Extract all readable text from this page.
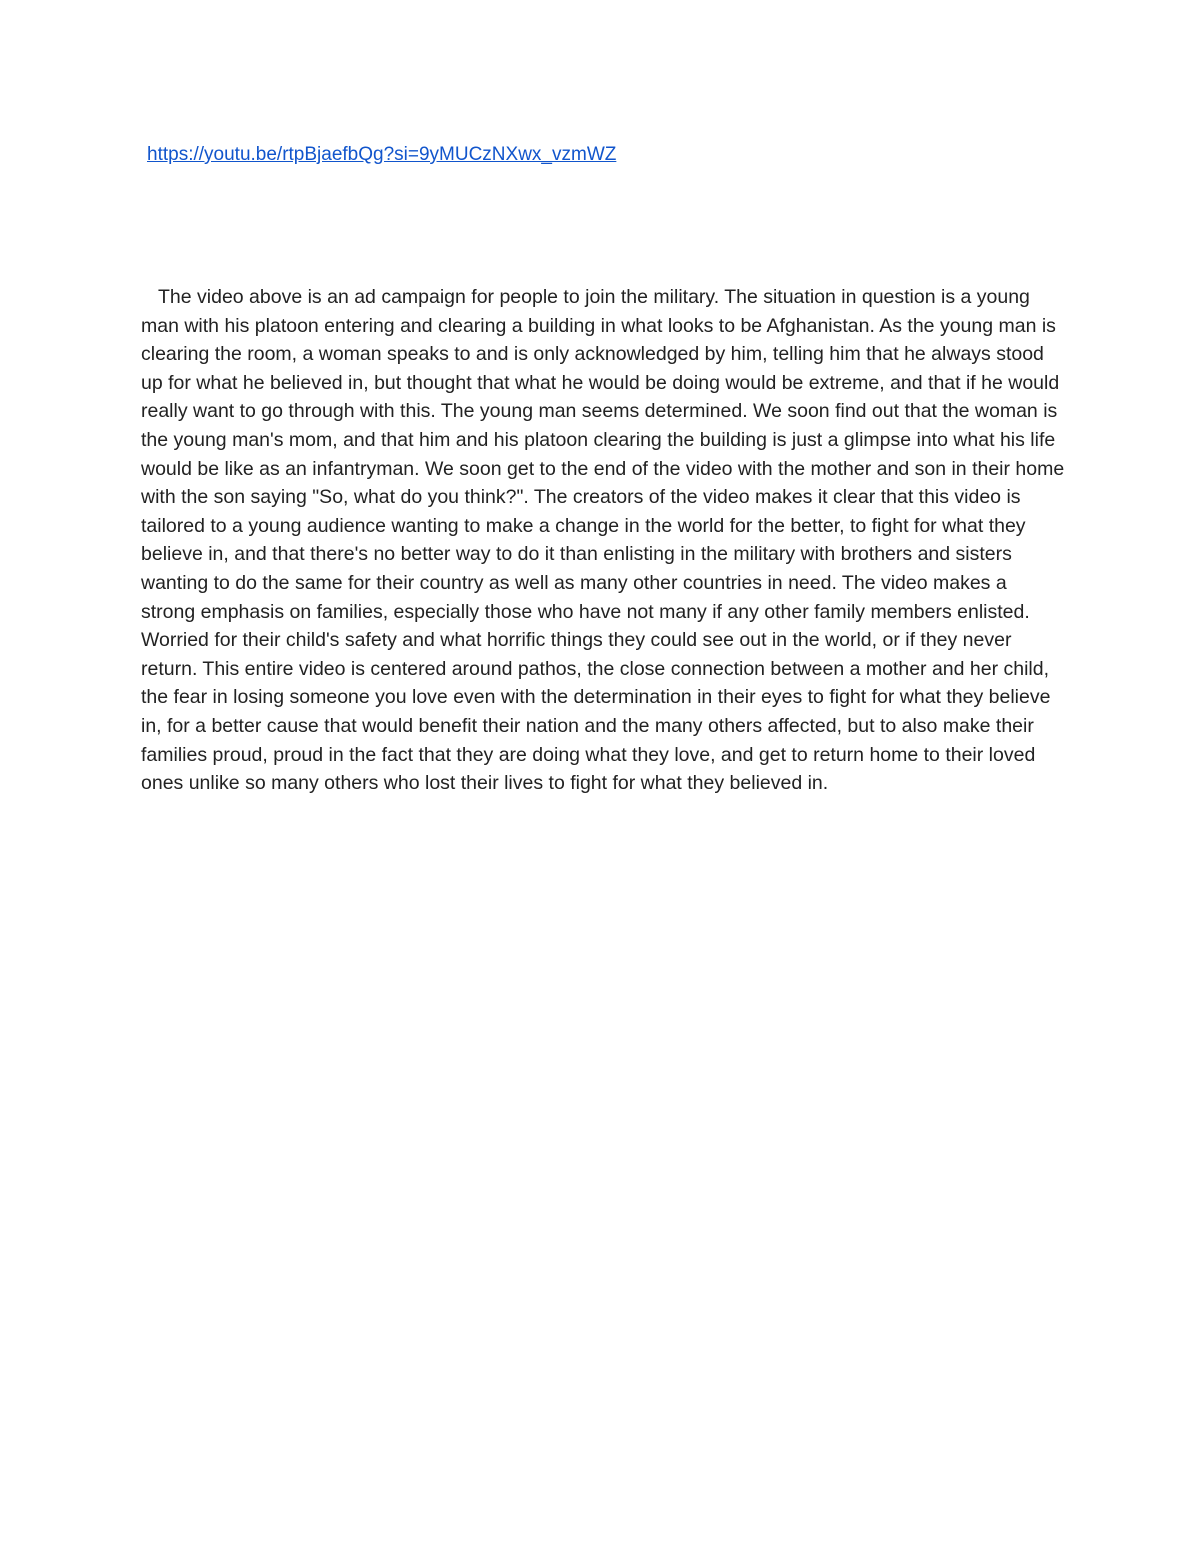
https://youtu.be/rtpBjaefbQg?si=9yMUCzNXwx_vzmWZ

The video above is an ad campaign for people to join the military. The situation in question is a young man with his platoon entering and clearing a building in what looks to be Afghanistan. As the young man is clearing the room, a woman speaks to and is only acknowledged by him, telling him that he always stood up for what he believed in, but thought that what he would be doing would be extreme, and that if he would really want to go through with this. The young man seems determined. We soon find out that the woman is the young man's mom, and that him and his platoon clearing the building is just a glimpse into what his life would be like as an infantryman. We soon get to the end of the video with the mother and son in their home with the son saying "So, what do you think?". The creators of the video makes it clear that this video is tailored to a young audience wanting to make a change in the world for the better, to fight for what they believe in, and that there's no better way to do it than enlisting in the military with brothers and sisters wanting to do the same for their country as well as many other countries in need. The video makes a strong emphasis on families, especially those who have not many if any other family members enlisted. Worried for their child's safety and what horrific things they could see out in the world, or if they never return. This entire video is centered around pathos, the close connection between a mother and her child, the fear in losing someone you love even with the determination in their eyes to fight for what they believe in, for a better cause that would benefit their nation and the many others affected, but to also make their families proud, proud in the fact that they are doing what they love, and get to return home to their loved ones unlike so many others who lost their lives to fight for what they believed in.
